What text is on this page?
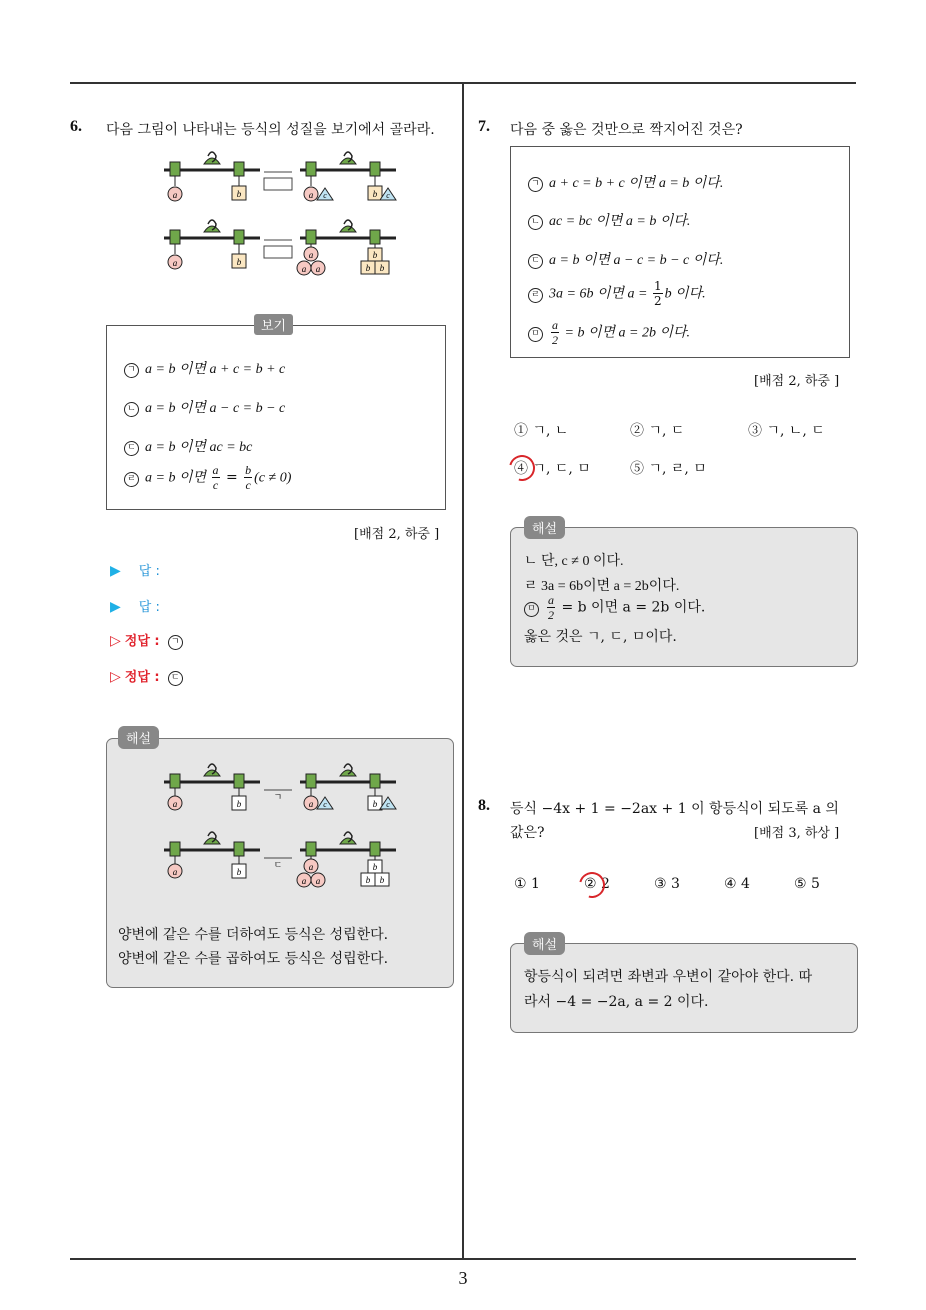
6. 다음 그림이 나타내는 등식의 성질을 보기에서 골라라.
a	b	a c	b c
a	b
a
a a
b
b b
보기
ㄱ a = b 이면 a + c = b + c
ㄴ a = b 이면 a − c = b − c
ㄷ a = b 이면 ac = bc
ㄹ a = b 이면 $\frac{a}{c} = \frac{b}{c} (c \ne 0)$
[배점 2, 하중 ]
▶ 답 :
▶ 답 :
▷ 정답 : ㄱ
▷ 정답 : ㄷ
해설
a	b
ㄱ
a c	b c
a	b
ㄷ	a
a a
b
b b
양변에 같은 수를 더하여도 등식은 성립한다.
양변에 같은 수를 곱하여도 등식은 성립한다.
7. 다음 중 옳은 것만으로 짝지어진 것은?
ㄱ a + c = b + c 이면 a = b 이다.
ㄴ ac = bc 이면 a = b 이다.
ㄷ a = b 이면 a − c = b − c 이다.
ㄹ 3a = 6b 이면 $a = \frac{1}{2}$ b 이다.
ㅁ $\frac{a}{2} = b$ 이면 a = 2b 이다.
[배점 2, 하중 ]
① ㄱ, ㄴ	② ㄱ, ㄷ	③ ㄱ, ㄴ, ㄷ
④ ㄱ, ㄷ, ㅁ	⑤ ㄱ, ㄹ, ㅁ
해설
ㄴ 단, c ≠ 0 이다.
ㄹ 3a = 6b이면 a = 2b이다.
ㅁ $\frac{a}{2} = b$ 이면 a = 2b 이다.
옳은 것은 ㄱ, ㄷ, ㅁ이다.
8. 등식 −4x + 1 = −2ax + 1 이 항등식이 되도록 a 의
값은?	[배점 3, 하상 ]
① 1	② 2	③ 3	④ 4	⑤ 5
해설
항등식이 되려면 좌변과 우변이 같아야 한다. 따
라서 −4 = −2a, a = 2 이다.
3
